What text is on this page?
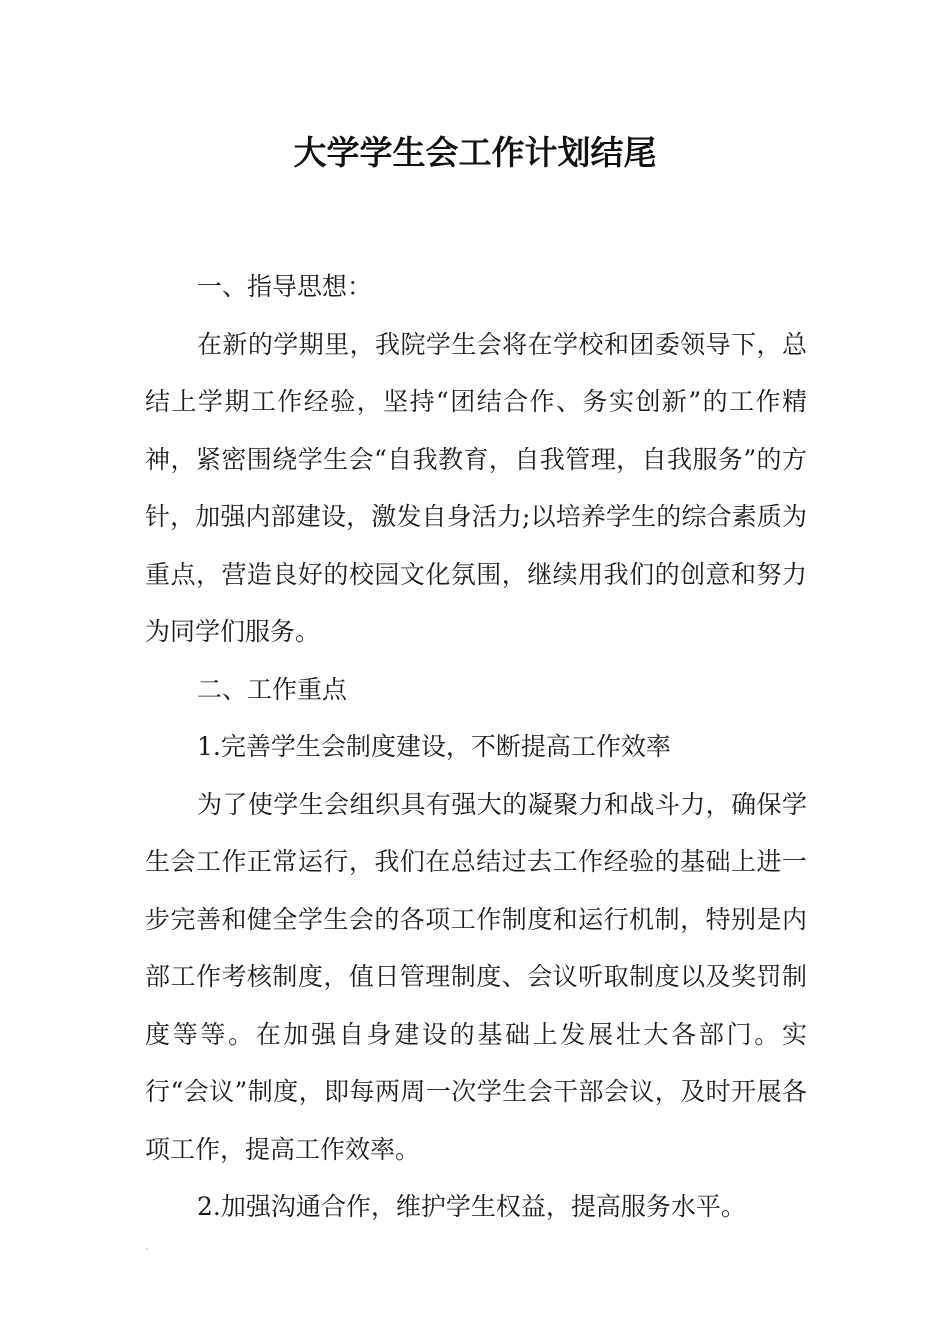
大学学生会工作计划结尾

一、指导思想：

在新的学期里，我院学生会将在学校和团委领导下，总结上学期工作经验，坚持“团结合作、务实创新”的工作精神，紧密围绕学生会“自我教育，自我管理，自我服务”的方针，加强内部建设，激发自身活力;以培养学生的综合素质为重点，营造良好的校园文化氛围，继续用我们的创意和努力为同学们服务。

二、工作重点

1.完善学生会制度建设，不断提高工作效率

为了使学生会组织具有强大的凝聚力和战斗力，确保学生会工作正常运行，我们在总结过去工作经验的基础上进一步完善和健全学生会的各项工作制度和运行机制，特别是内部工作考核制度，值日管理制度、会议听取制度以及奖罚制度等等。在加强自身建设的基础上发展壮大各部门。实行“会议”制度，即每两周一次学生会干部会议，及时开展各项工作，提高工作效率。

2.加强沟通合作，维护学生权益，提高服务水平。
